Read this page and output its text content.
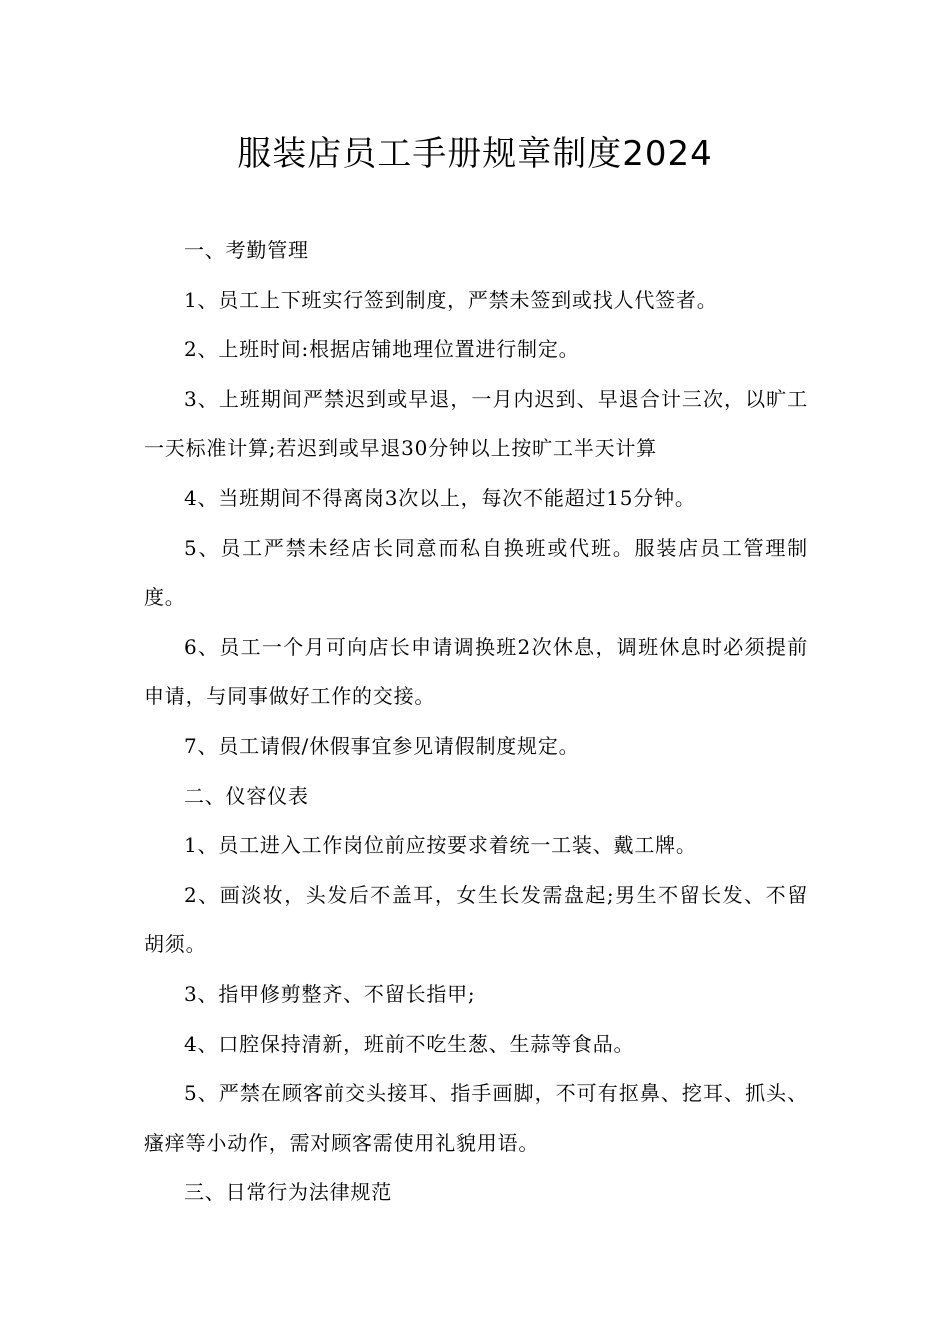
服装店员工手册规章制度2024

一、考勤管理

1、员工上下班实行签到制度，严禁未签到或找人代签者。

2、上班时间:根据店铺地理位置进行制定。

3、上班期间严禁迟到或早退，一月内迟到、早退合计三次，以旷工一天标准计算;若迟到或早退30分钟以上按旷工半天计算

4、当班期间不得离岗3次以上，每次不能超过15分钟。

5、员工严禁未经店长同意而私自换班或代班。服装店员工管理制度。

6、员工一个月可向店长申请调换班2次休息，调班休息时必须提前申请，与同事做好工作的交接。

7、员工请假/休假事宜参见请假制度规定。

二、仪容仪表

1、员工进入工作岗位前应按要求着统一工装、戴工牌。

2、画淡妆，头发后不盖耳，女生长发需盘起;男生不留长发、不留胡须。

3、指甲修剪整齐、不留长指甲;

4、口腔保持清新，班前不吃生葱、生蒜等食品。

5、严禁在顾客前交头接耳、指手画脚，不可有抠鼻、挖耳、抓头、瘙痒等小动作，需对顾客需使用礼貌用语。

三、日常行为法律规范
